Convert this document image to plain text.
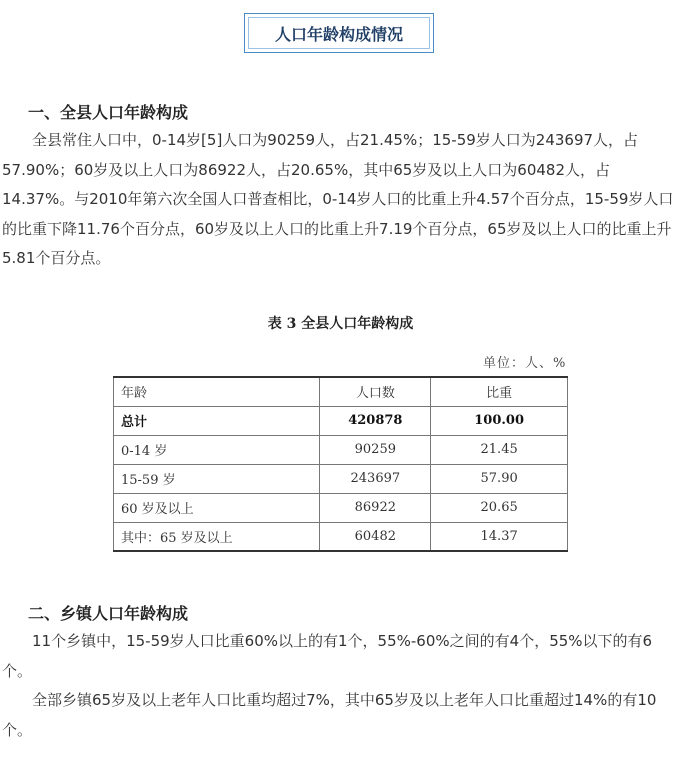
人口年龄构成情况
一、全县人口年龄构成

全县常住人口中，0-14岁[5]人口为90259人，占21.45%；15-59岁人口为243697人，占57.90%；60岁及以上人口为86922人，占20.65%，其中65岁及以上人口为60482人，占14.37%。与2010年第六次全国人口普查相比，0-14岁人口的比重上升4.57个百分点，15-59岁人口的比重下降11.76个百分点，60岁及以上人口的比重上升7.19个百分点，65岁及以上人口的比重上升5.81个百分点。

表 3 全县人口年龄构成
单位：人、%
年龄	人口数	比重
总计	420878	100.00
0-14 岁	90259	21.45
15-59 岁	243697	57.90
60 岁及以上	86922	20.65
其中：65 岁及以上	60482	14.37
二、乡镇人口年龄构成

11个乡镇中，15-59岁人口比重60%以上的有1个，55%-60%之间的有4个，55%以下的有6个。

全部乡镇65岁及以上老年人口比重均超过7%，其中65岁及以上老年人口比重超过14%的有10个。
